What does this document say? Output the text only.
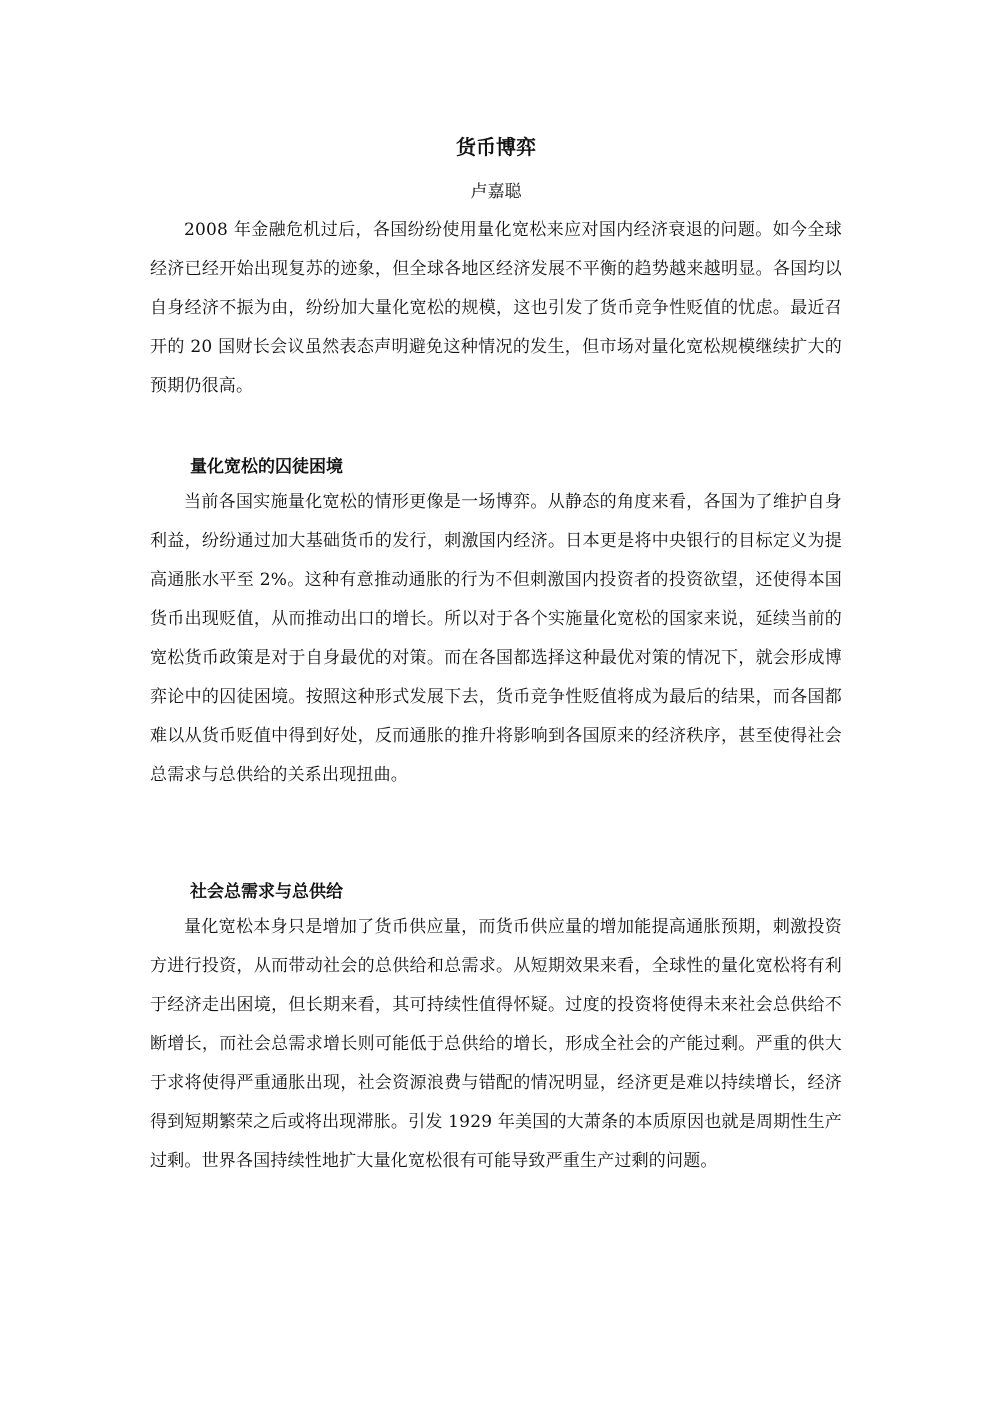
货币博弈
卢嘉聪

2008 年金融危机过后，各国纷纷使用量化宽松来应对国内经济衰退的问题。如今全球经济已经开始出现复苏的迹象，但全球各地区经济发展不平衡的趋势越来越明显。各国均以自身经济不振为由，纷纷加大量化宽松的规模，这也引发了货币竞争性贬值的忧虑。最近召开的 20 国财长会议虽然表态声明避免这种情况的发生，但市场对量化宽松规模继续扩大的预期仍很高。

量化宽松的囚徒困境

当前各国实施量化宽松的情形更像是一场博弈。从静态的角度来看，各国为了维护自身利益，纷纷通过加大基础货币的发行，刺激国内经济。日本更是将中央银行的目标定义为提高通胀水平至 2%。这种有意推动通胀的行为不但刺激国内投资者的投资欲望，还使得本国货币出现贬值，从而推动出口的增长。所以对于各个实施量化宽松的国家来说，延续当前的宽松货币政策是对于自身最优的对策。而在各国都选择这种最优对策的情况下，就会形成博弈论中的囚徒困境。按照这种形式发展下去，货币竞争性贬值将成为最后的结果，而各国都难以从货币贬值中得到好处，反而通胀的推升将影响到各国原来的经济秩序，甚至使得社会总需求与总供给的关系出现扭曲。

社会总需求与总供给

量化宽松本身只是增加了货币供应量，而货币供应量的增加能提高通胀预期，刺激投资方进行投资，从而带动社会的总供给和总需求。从短期效果来看，全球性的量化宽松将有利于经济走出困境，但长期来看，其可持续性值得怀疑。过度的投资将使得未来社会总供给不断增长，而社会总需求增长则可能低于总供给的增长，形成全社会的产能过剩。严重的供大于求将使得严重通胀出现，社会资源浪费与错配的情况明显，经济更是难以持续增长，经济得到短期繁荣之后或将出现滞胀。引发 1929 年美国的大萧条的本质原因也就是周期性生产过剩。世界各国持续性地扩大量化宽松很有可能导致严重生产过剩的问题。
